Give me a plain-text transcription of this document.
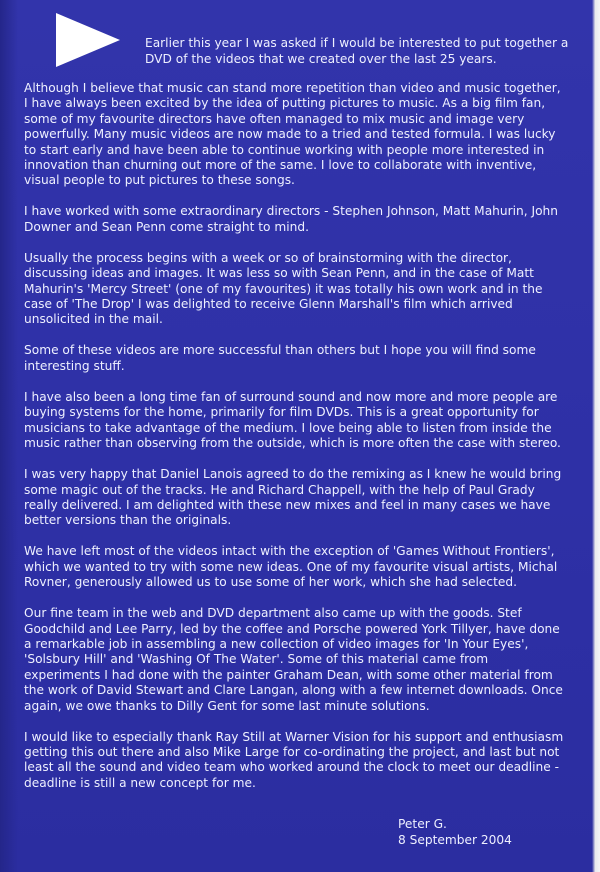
Earlier this year I was asked if I would be interested to put together a DVD of the videos that we created over the last 25 years.

Although I believe that music can stand more repetition than video and music together, I have always been excited by the idea of putting pictures to music. As a big film fan, some of my favourite directors have often managed to mix music and image very powerfully. Many music videos are now made to a tried and tested formula. I was lucky to start early and have been able to continue working with people more interested in innovation than churning out more of the same. I love to collaborate with inventive, visual people to put pictures to these songs.

I have worked with some extraordinary directors - Stephen Johnson, Matt Mahurin, John Downer and Sean Penn come straight to mind.

Usually the process begins with a week or so of brainstorming with the director, discussing ideas and images. It was less so with Sean Penn, and in the case of Matt Mahurin's 'Mercy Street' (one of my favourites) it was totally his own work and in the case of 'The Drop' I was delighted to receive Glenn Marshall's film which arrived unsolicited in the mail.

Some of these videos are more successful than others but I hope you will find some interesting stuff.

I have also been a long time fan of surround sound and now more and more people are buying systems for the home, primarily for film DVDs. This is a great opportunity for musicians to take advantage of the medium. I love being able to listen from inside the music rather than observing from the outside, which is more often the case with stereo.

I was very happy that Daniel Lanois agreed to do the remixing as I knew he would bring some magic out of the tracks. He and Richard Chappell, with the help of Paul Grady really delivered. I am delighted with these new mixes and feel in many cases we have better versions than the originals.

We have left most of the videos intact with the exception of 'Games Without Frontiers', which we wanted to try with some new ideas. One of my favourite visual artists, Michal Rovner, generously allowed us to use some of her work, which she had selected.

Our fine team in the web and DVD department also came up with the goods. Stef Goodchild and Lee Parry, led by the coffee and Porsche powered York Tillyer, have done a remarkable job in assembling a new collection of video images for 'In Your Eyes', 'Solsbury Hill' and 'Washing Of The Water'. Some of this material came from experiments I had done with the painter Graham Dean, with some other material from the work of David Stewart and Clare Langan, along with a few internet downloads. Once again, we owe thanks to Dilly Gent for some last minute solutions.

I would like to especially thank Ray Still at Warner Vision for his support and enthusiasm getting this out there and also Mike Large for co-ordinating the project, and last but not least all the sound and video team who worked around the clock to meet our deadline - deadline is still a new concept for me.

Peter G.
8 September 2004
